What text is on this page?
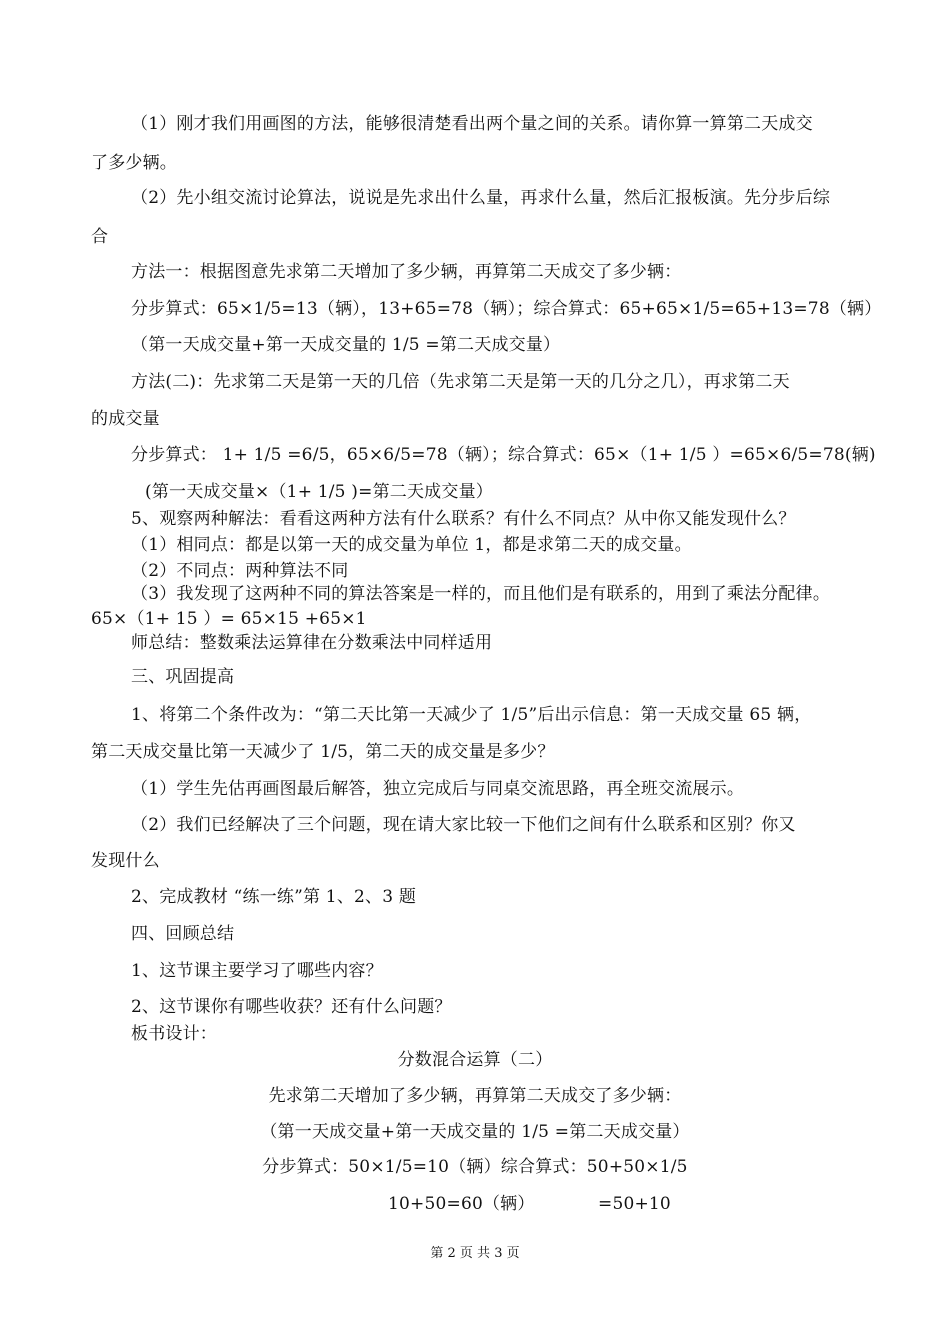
（1）刚才我们用画图的方法，能够很清楚看出两个量之间的关系。请你算一算第二天成交
了多少辆。
（2）先小组交流讨论算法，说说是先求出什么量，再求什么量，然后汇报板演。先分步后综
合
方法一：根据图意先求第二天增加了多少辆，再算第二天成交了多少辆：
分步算式：65×1/5=13（辆），13+65=78（辆）；综合算式：65+65×1/5=65+13=78（辆）
（第一天成交量+第一天成交量的 1/5 =第二天成交量）
方法(二)：先求第二天是第一天的几倍（先求第二天是第一天的几分之几），再求第二天
的成交量
分步算式： 1+ 1/5 =6/5，65×6/5=78（辆）；综合算式：65×（1+ 1/5 ）=65×6/5=78(辆)
(第一天成交量×（1+ 1/5 )=第二天成交量）
5、观察两种解法：看看这两种方法有什么联系？有什么不同点？从中你又能发现什么？
（1）相同点：都是以第一天的成交量为单位 1，都是求第二天的成交量。
（2）不同点：两种算法不同
（3）我发现了这两种不同的算法答案是一样的，而且他们是有联系的，用到了乘法分配律。
65×（1+ 15 ）= 65×15 +65×1
师总结：整数乘法运算律在分数乘法中同样适用
三、巩固提高
1、将第二个条件改为：“第二天比第一天减少了 1/5”后出示信息：第一天成交量 65 辆，
第二天成交量比第一天减少了 1/5，第二天的成交量是多少？
（1）学生先估再画图最后解答，独立完成后与同桌交流思路，再全班交流展示。
（2）我们已经解决了三个问题，现在请大家比较一下他们之间有什么联系和区别？你又
发现什么
2、完成教材 “练一练”第 1、2、3 题
四、回顾总结
1、这节课主要学习了哪些内容？
2、这节课你有哪些收获？还有什么问题？
板书设计：
分数混合运算（二）
先求第二天增加了多少辆，再算第二天成交了多少辆：
（第一天成交量+第一天成交量的 1/5 =第二天成交量）
分步算式：50×1/5=10（辆）综合算式：50+50×1/5
10+50=60（辆）	=50+10
第 2 页 共 3 页
